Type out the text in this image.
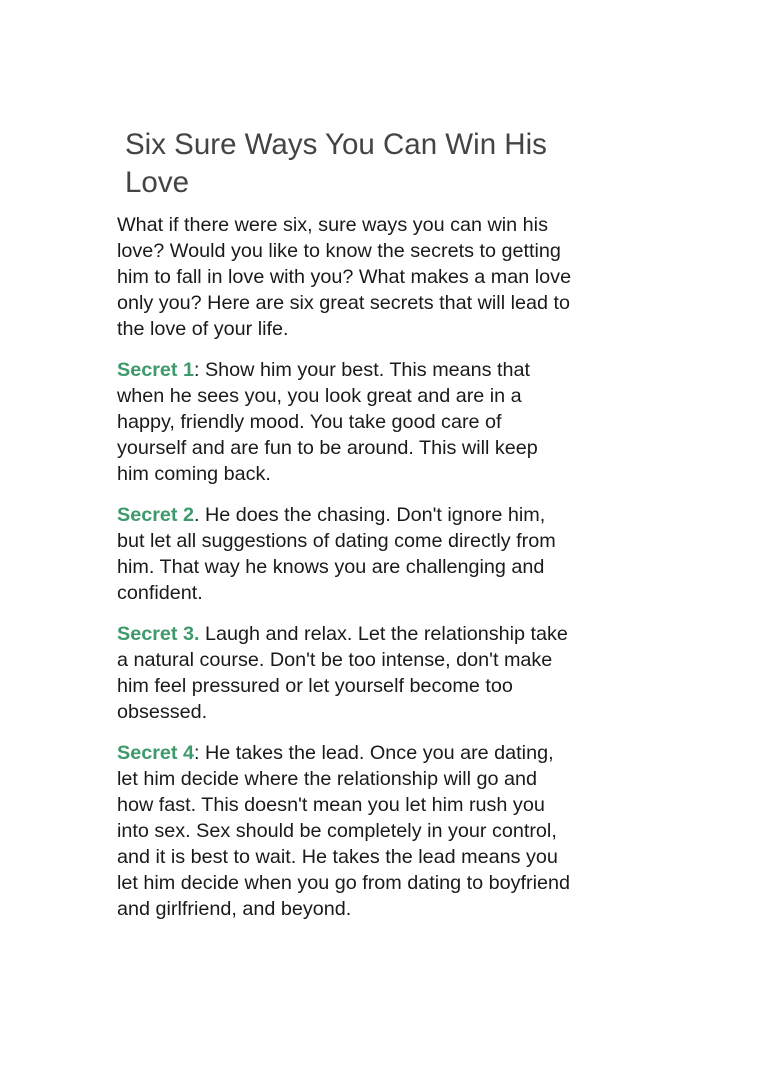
Six Sure Ways You Can Win His
Love

What if there were six, sure ways you can win his
love? Would you like to know the secrets to getting
him to fall in love with you? What makes a man love
only you? Here are six great secrets that will lead to
the love of your life.

Secret 1: Show him your best. This means that
when he sees you, you look great and are in a
happy, friendly mood. You take good care of
yourself and are fun to be around. This will keep
him coming back.

Secret 2. He does the chasing. Don't ignore him,
but let all suggestions of dating come directly from
him. That way he knows you are challenging and
confident.

Secret 3. Laugh and relax. Let the relationship take
a natural course. Don't be too intense, don't make
him feel pressured or let yourself become too
obsessed.

Secret 4: He takes the lead. Once you are dating,
let him decide where the relationship will go and
how fast. This doesn't mean you let him rush you
into sex. Sex should be completely in your control,
and it is best to wait. He takes the lead means you
let him decide when you go from dating to boyfriend
and girlfriend, and beyond.
